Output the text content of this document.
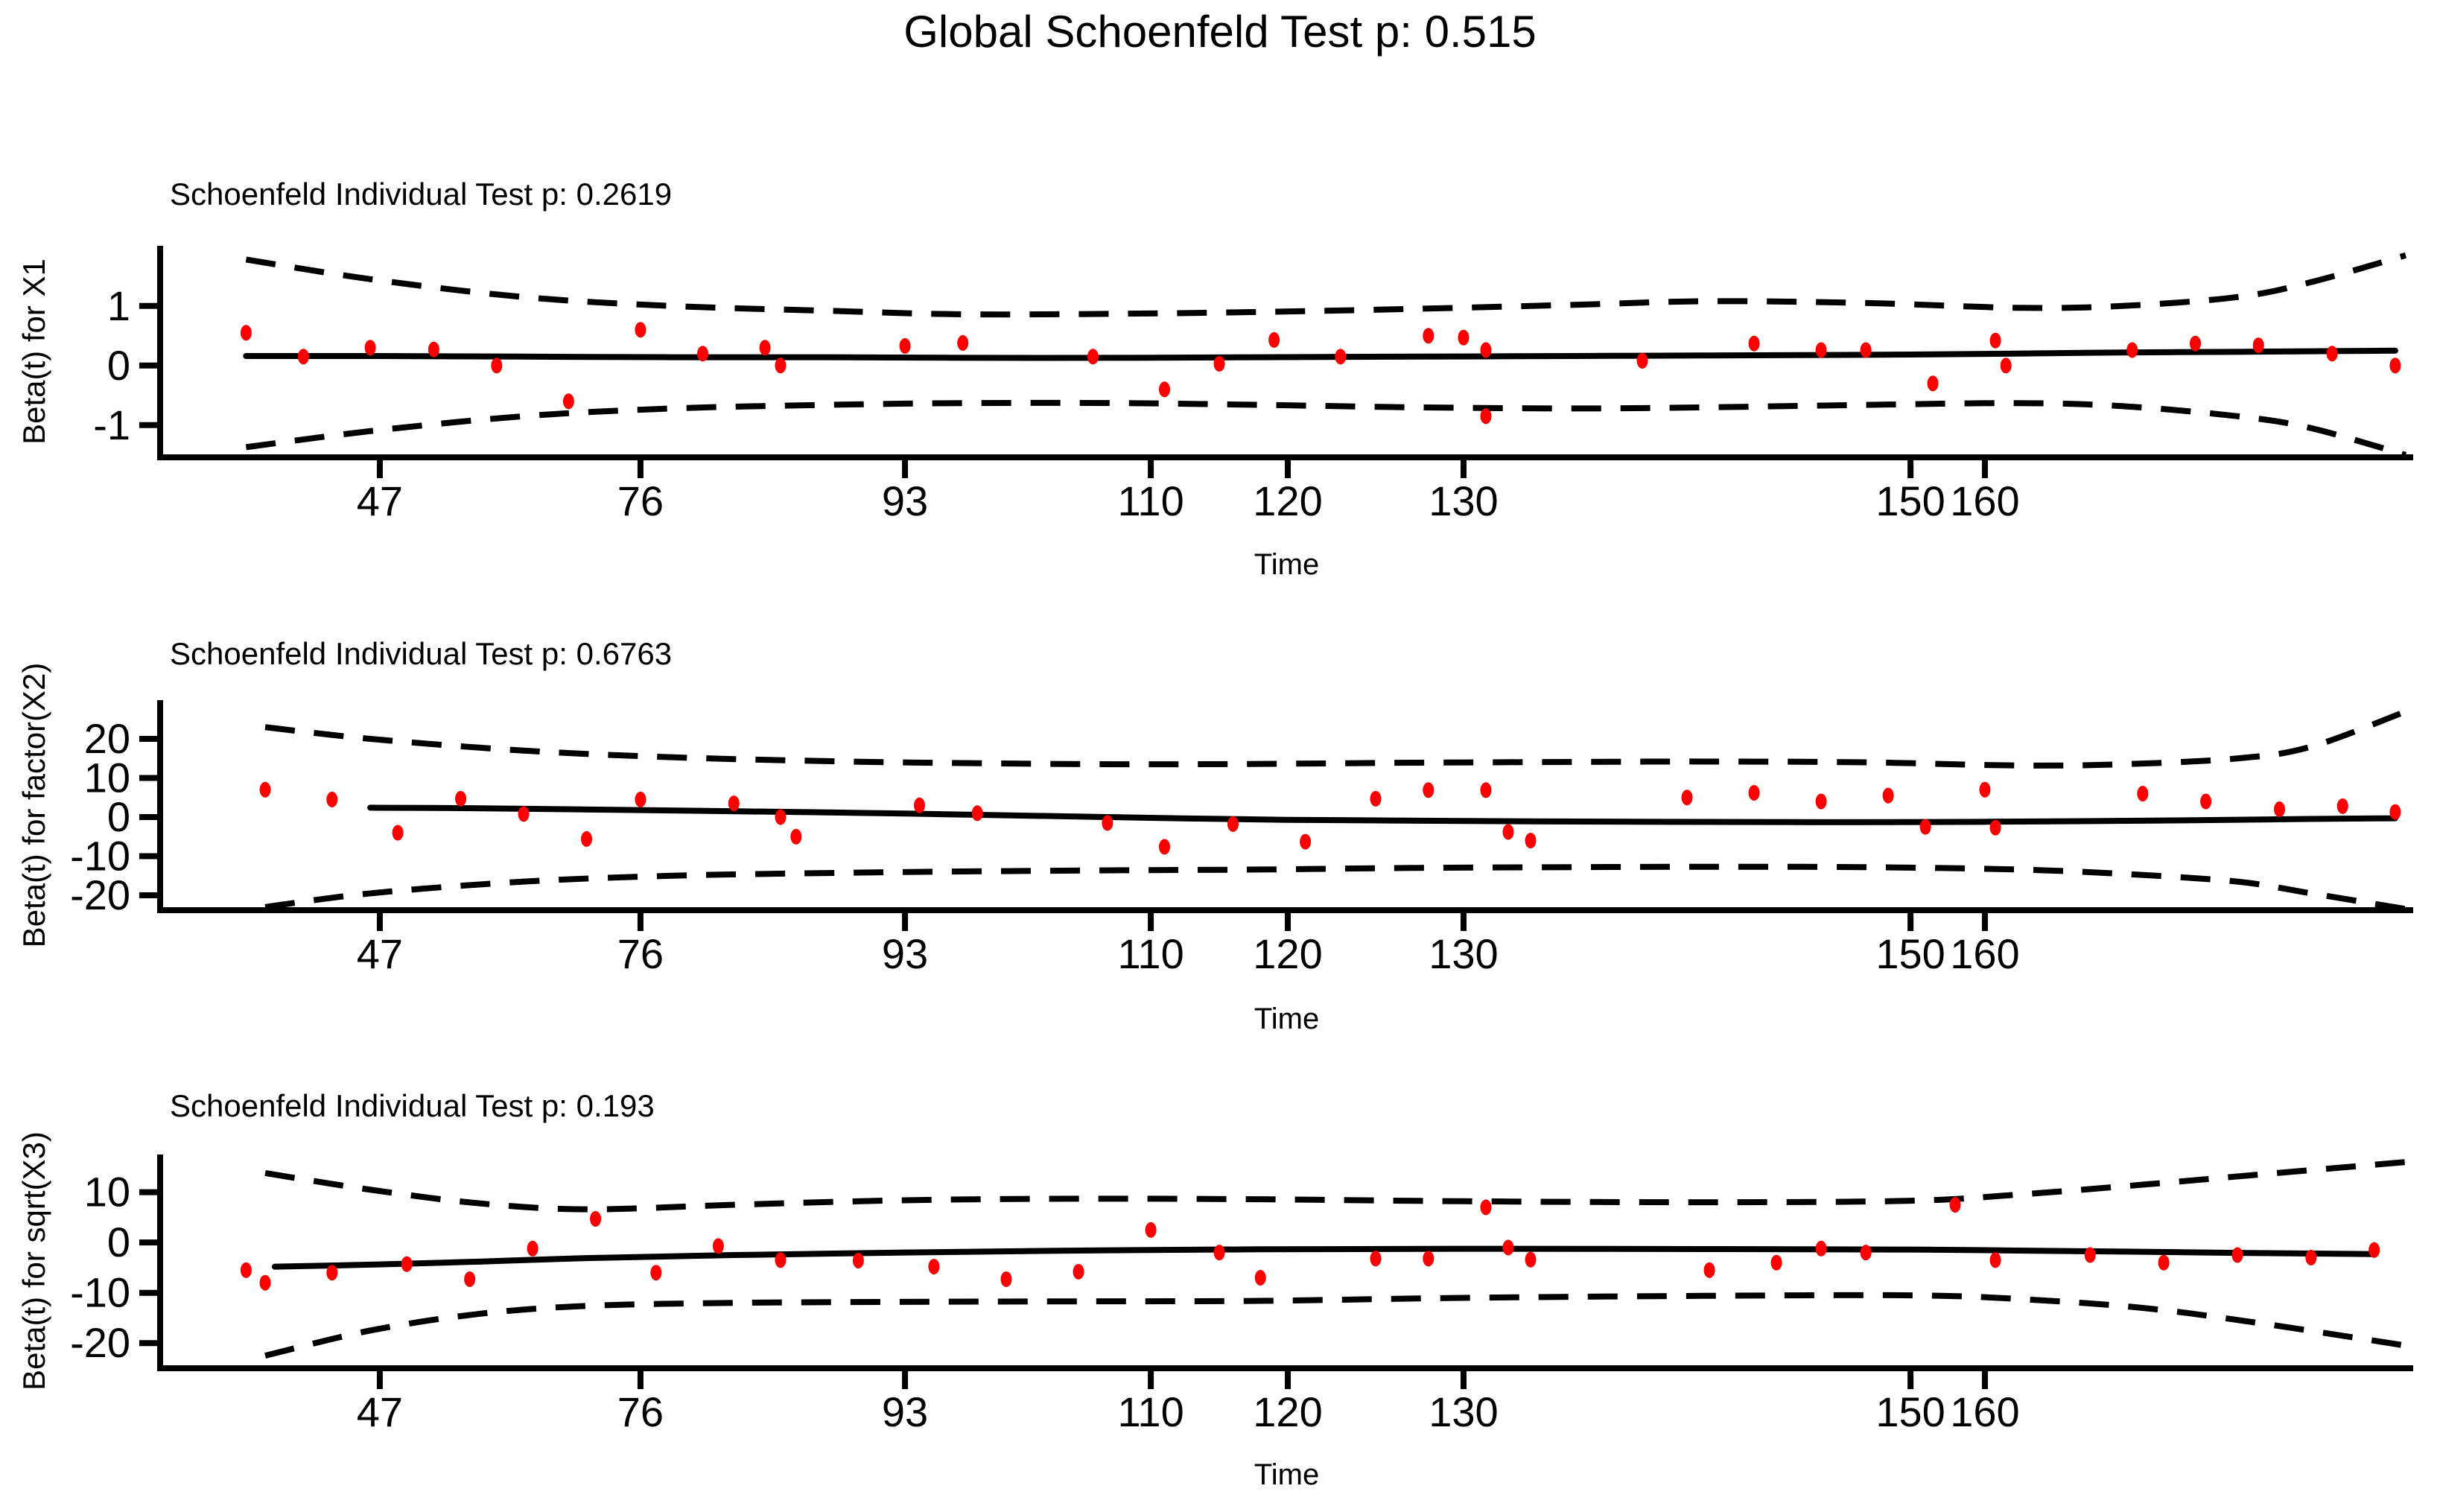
Global Schoenfeld Test p: 0.515
47	76	93	110 120	130	150 160
1
0
-1
47	76	93	110 120	130	150 160
20
10
0
-10
-20
47	76	93	110 120	130	150 160
10
0
-10
-20
Schoenfeld Individual Test p: 0.2619
Schoenfeld Individual Test p: 0.6763
Schoenfeld Individual Test p: 0.193
Beta(t) for X1
Beta(t) for factor(X2)
Beta(t) for sqrt(X3)
Time
Time
Time
